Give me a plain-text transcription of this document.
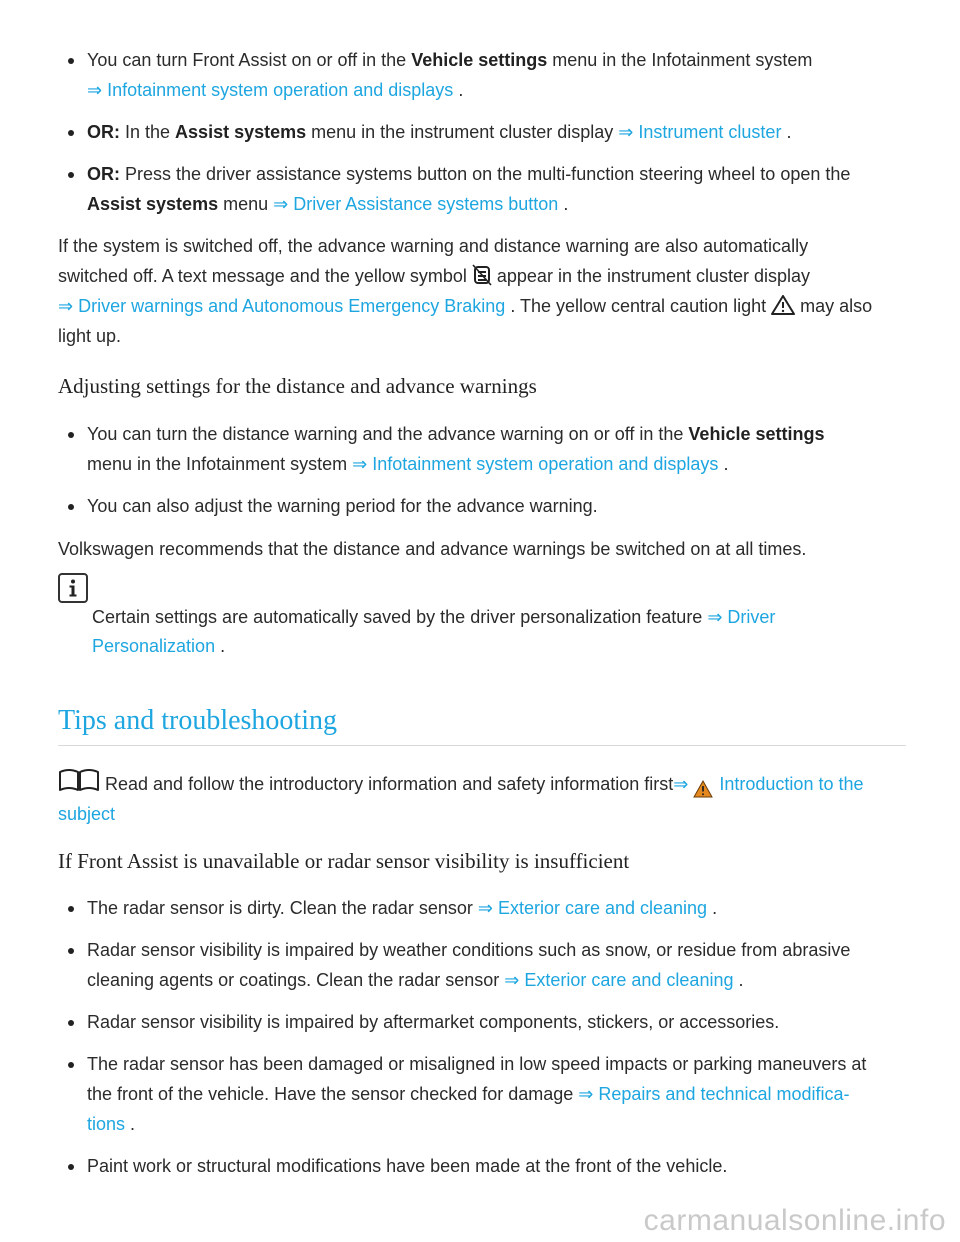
You can turn Front Assist on or off in the Vehicle settings menu in the Infotainment system
⇒ Infotainment system operation and displays .
OR: In the Assist systems menu in the instrument cluster display ⇒ Instrument cluster .
OR: Press the driver assistance systems button on the multi-function steering wheel to open the
Assist systems menu ⇒ Driver Assistance systems button .
If the system is switched off, the advance warning and distance warning are also automatically
switched off. A text message and the yellow symbol  appear in the instrument cluster display
⇒ Driver warnings and Autonomous Emergency Braking . The yellow central caution light  may also
light up.
Adjusting settings for the distance and advance warnings
You can turn the distance warning and the advance warning on or off in the Vehicle settings
menu in the Infotainment system ⇒ Infotainment system operation and displays .
You can also adjust the warning period for the advance warning.
Volkswagen recommends that the distance and advance warnings be switched on at all times.
Certain settings are automatically saved by the driver personalization feature ⇒ Driver
Personalization .
Tips and troubleshooting
Read and follow the introductory information and safety information first⇒ Introduction to the
subject
If Front Assist is unavailable or radar sensor visibility is insufficient
The radar sensor is dirty. Clean the radar sensor ⇒ Exterior care and cleaning .
Radar sensor visibility is impaired by weather conditions such as snow, or residue from abrasive
cleaning agents or coatings. Clean the radar sensor ⇒ Exterior care and cleaning .
Radar sensor visibility is impaired by aftermarket components, stickers, or accessories.
The radar sensor has been damaged or misaligned in low speed impacts or parking maneuvers at
the front of the vehicle. Have the sensor checked for damage ⇒ Repairs and technical modifica-
tions .
Paint work or structural modifications have been made at the front of the vehicle.
carmanualsonline.info
